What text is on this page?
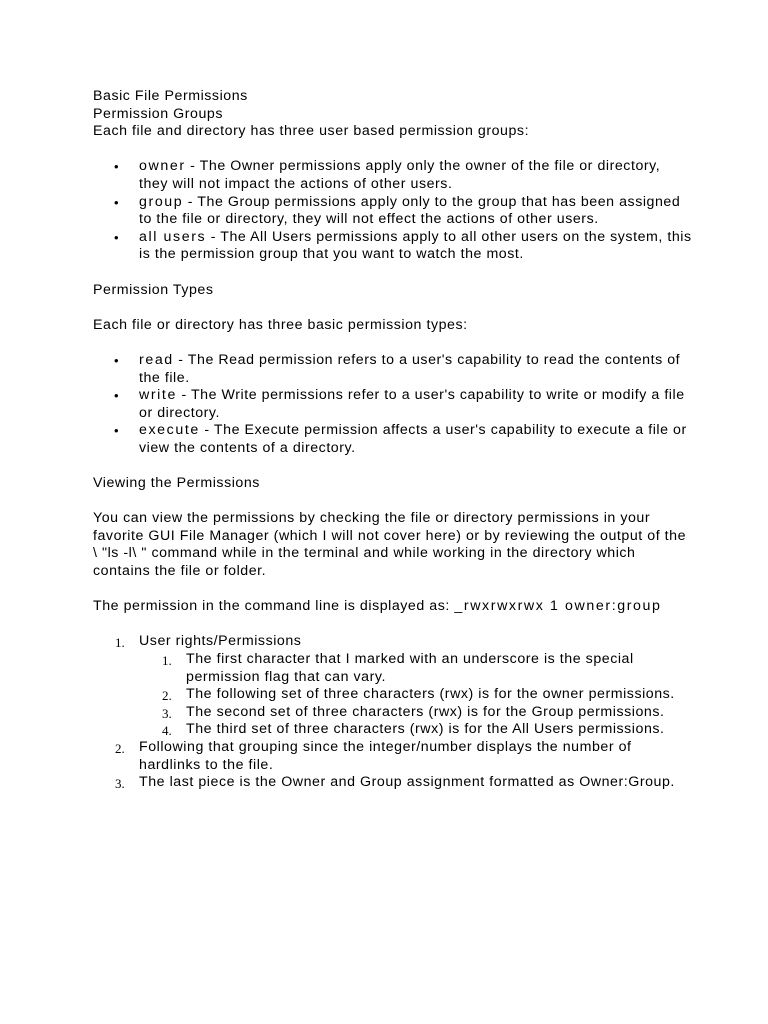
Basic File Permissions

Permission Groups

Each file and directory has three user based permission groups:

• owner - The Owner permissions apply only the owner of the file or directory, they will not impact the actions of other users.
• group - The Group permissions apply only to the group that has been assigned to the file or directory, they will not effect the actions of other users.
• all users - The All Users permissions apply to all other users on the system, this is the permission group that you want to watch the most.

Permission Types

Each file or directory has three basic permission types:

• read - The Read permission refers to a user's capability to read the contents of the file.
• write - The Write permissions refer to a user's capability to write or modify a file or directory.
• execute - The Execute permission affects a user's capability to execute a file or view the contents of a directory.

Viewing the Permissions

You can view the permissions by checking the file or directory permissions in your favorite GUI File Manager (which I will not cover here) or by reviewing the output of the \ "ls -l\ " command while in the terminal and while working in the directory which contains the file or folder.

The permission in the command line is displayed as: _rwxrwxrwx 1 owner:group

1. User rights/Permissions
1. The first character that I marked with an underscore is the special permission flag that can vary.
2. The following set of three characters (rwx) is for the owner permissions.
3. The second set of three characters (rwx) is for the Group permissions.
4. The third set of three characters (rwx) is for the All Users permissions.
2. Following that grouping since the integer/number displays the number of hardlinks to the file.
3. The last piece is the Owner and Group assignment formatted as Owner:Group.
